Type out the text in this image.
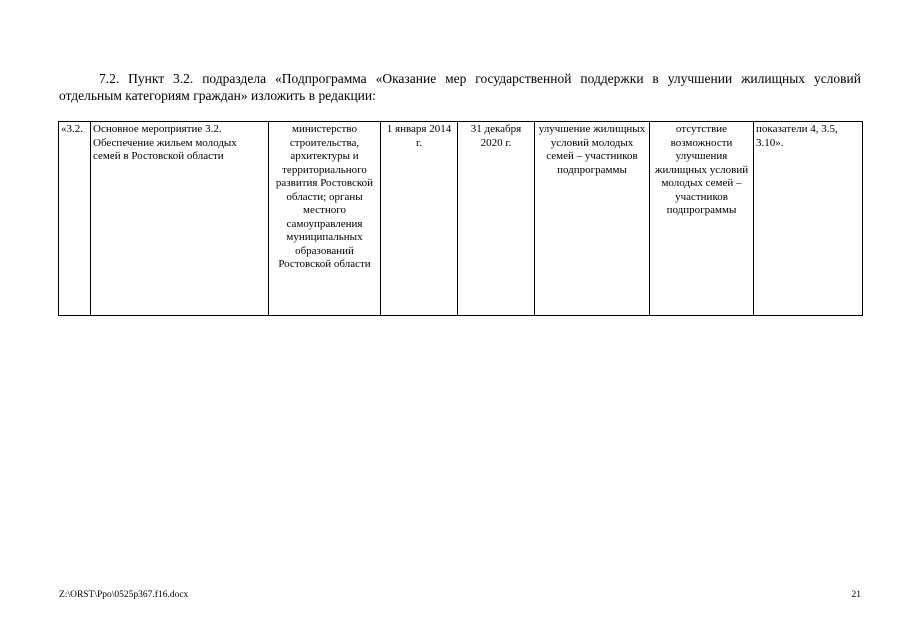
7.2. Пункт 3.2. подраздела «Подпрограмма «Оказание мер государственной поддержки в улучшении жилищных условий отдельным категориям граждан» изложить в редакции:

«3.2.	Основное мероприятие 3.2. Обеспечение жильем молодых семей в Ростовской области	министерство строительства, архитектуры и территориального развития Ростовской области; органы местного самоуправления муниципальных образований Ростовской области	1 января 2014 г.	31 декабря 2020 г.	улучшение жилищных условий молодых семей – участников подпрограммы	отсутствие возможности улучшения жилищных условий молодых семей – участников подпрограммы	показатели 4, 3.5, 3.10».
Z:\ORST\Ppo\0525p367.f16.docx	21
